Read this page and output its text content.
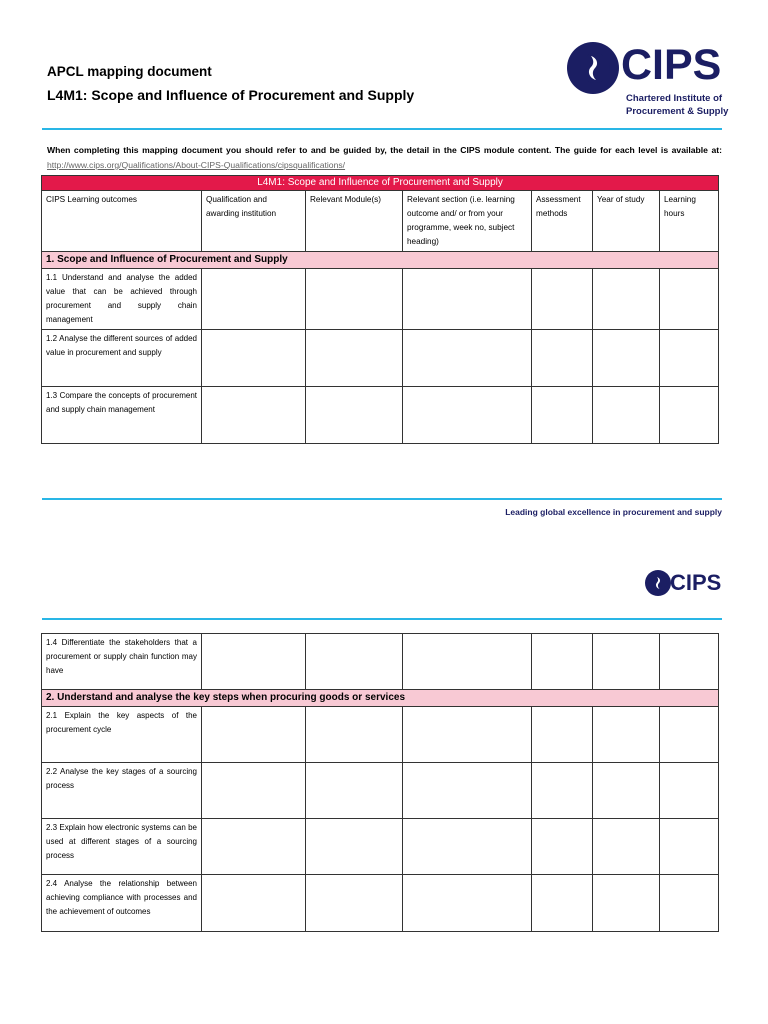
APCL mapping document
L4M1: Scope and Influence of Procurement and Supply
CIPS
Chartered Institute of
Procurement & Supply
When completing this mapping document you should refer to and be guided by, the detail in the CIPS module content. The guide for each level is available at: http://www.cips.org/Qualifications/About-CIPS-Qualifications/cipsqualifications/
L4M1: Scope and Influence of Procurement and Supply						
CIPS Learning outcomes	Qualification and awarding institution	Relevant Module(s)	Relevant section (i.e. learning outcome and/ or from your programme, week no, subject heading)	Assessment methods	Year of study	Learning hours
1. Scope and Influence of Procurement and Supply						
1.1 Understand and analyse the added value that can be achieved through procurement and supply chain management						
1.2 Analyse the different sources of added value in procurement and supply						
1.3 Compare the concepts of procurement and supply chain management						
Leading global excellence in procurement and supply
CIPS
1.4 Differentiate the stakeholders that a procurement or supply chain function may have						
2. Understand and analyse the key steps when procuring goods or services						
2.1 Explain the key aspects of the procurement cycle						
2.2 Analyse the key stages of a sourcing process						
2.3 Explain how electronic systems can be used at different stages of a sourcing process						
2.4 Analyse the relationship between achieving compliance with processes and the achievement of outcomes						
